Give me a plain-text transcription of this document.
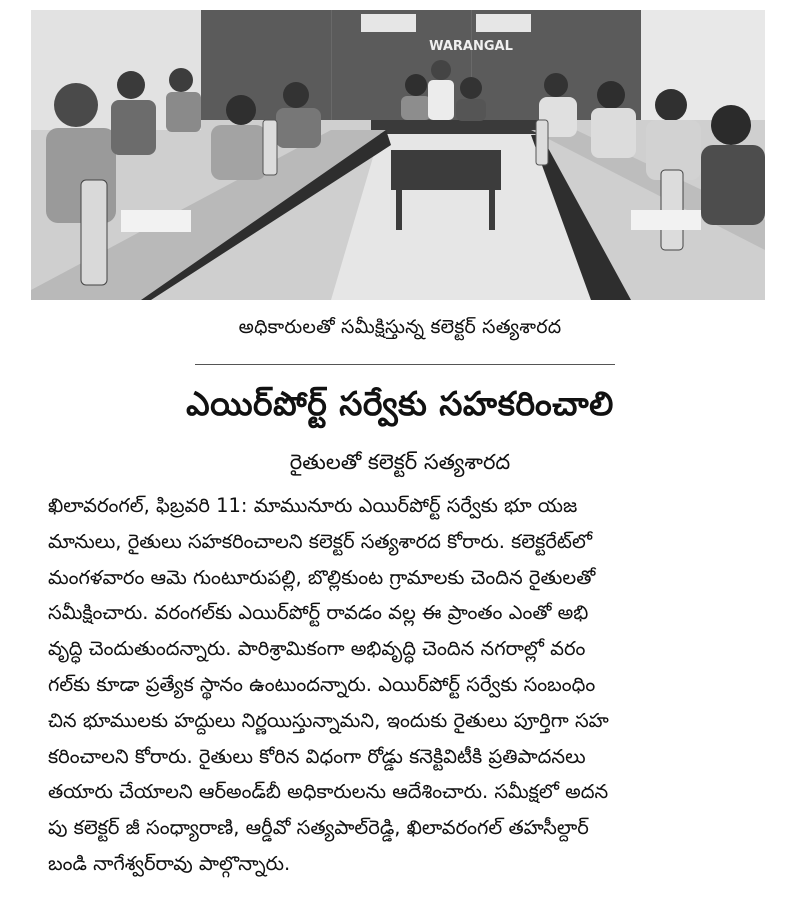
WARANGAL
అధికారులతో సమీక్షిస్తున్న కలెక్టర్ సత్యశారద
ఎయిర్‌పోర్ట్ సర్వేకు సహకరించాలి
రైతులతో కలెక్టర్ సత్యశారద
ఖిలావరంగల్, ఫిబ్రవరి 11: మామునూరు ఎయిర్‌పోర్ట్ సర్వేకు భూ యజ
మానులు, రైతులు సహకరించాలని కలెక్టర్ సత్యశారద కోరారు. కలెక్టరేట్‌లో
మంగళవారం ఆమె గుంటూరుపల్లి, బొల్లికుంట గ్రామాలకు చెందిన రైతులతో
సమీక్షించారు. వరంగల్‌కు ఎయిర్‌పోర్ట్ రావడం వల్ల ఈ ప్రాంతం ఎంతో అభి
వృద్ధి చెందుతుందన్నారు. పారిశ్రామికంగా అభివృద్ధి చెందిన నగరాల్లో వరం
గల్‌కు కూడా ప్రత్యేక స్థానం ఉంటుందన్నారు. ఎయిర్‌పోర్ట్ సర్వేకు సంబంధిం
చిన భూములకు హద్దులు నిర్ణయిస్తున్నామని, ఇందుకు రైతులు పూర్తిగా సహ
కరించాలని కోరారు. రైతులు కోరిన విధంగా రోడ్డు కనెక్టివిటీకి ప్రతిపాదనలు
తయారు చేయాలని ఆర్‌అండ్‌బీ అధికారులను ఆదేశించారు. సమీక్షలో అదన
పు కలెక్టర్ జీ సంధ్యారాణి, ఆర్డీవో సత్యపాల్‌రెడ్డి, ఖిలావరంగల్ తహసీల్దార్
బండి నాగేశ్వర్‌రావు పాల్గొన్నారు.
